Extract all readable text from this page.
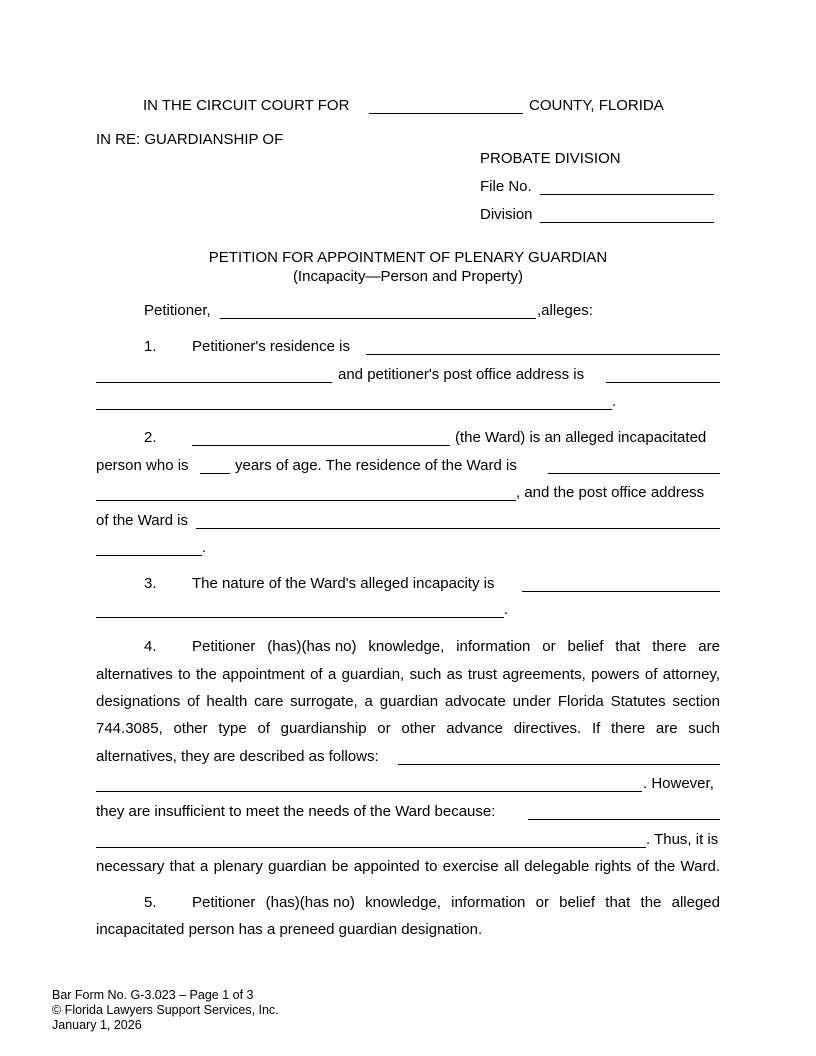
IN THE CIRCUIT COURT FOR	COUNTY, FLORIDA
IN RE: GUARDIANSHIP OF
PROBATE DIVISION
File No.
Division
PETITION FOR APPOINTMENT OF PLENARY GUARDIAN
(Incapacity—Person and Property)
Petitioner,	,alleges:
1. Petitioner's residence is
and petitioner's post office address is
.
2.	(the Ward) is an alleged incapacitated
person who is	years of age. The residence of the Ward is
, and the post office address
of the Ward is
.
3. The nature of the Ward's alleged incapacity is
.
4. Petitioner (has)(has no) knowledge, information or belief that there are
alternatives to the appointment of a guardian, such as trust agreements, powers of attorney,
designations of health care surrogate, a guardian advocate under Florida Statutes section
744.3085, other type of guardianship or other advance directives. If there are such
alternatives, they are described as follows:
. However,
they are insufficient to meet the needs of the Ward because:
. Thus, it is
necessary that a plenary guardian be appointed to exercise all delegable rights of the Ward.
5. Petitioner (has)(has no) knowledge, information or belief that the alleged
incapacitated person has a preneed guardian designation.
Bar Form No. G-3.023 – Page 1 of 3
© Florida Lawyers Support Services, Inc.
January 1, 2026
